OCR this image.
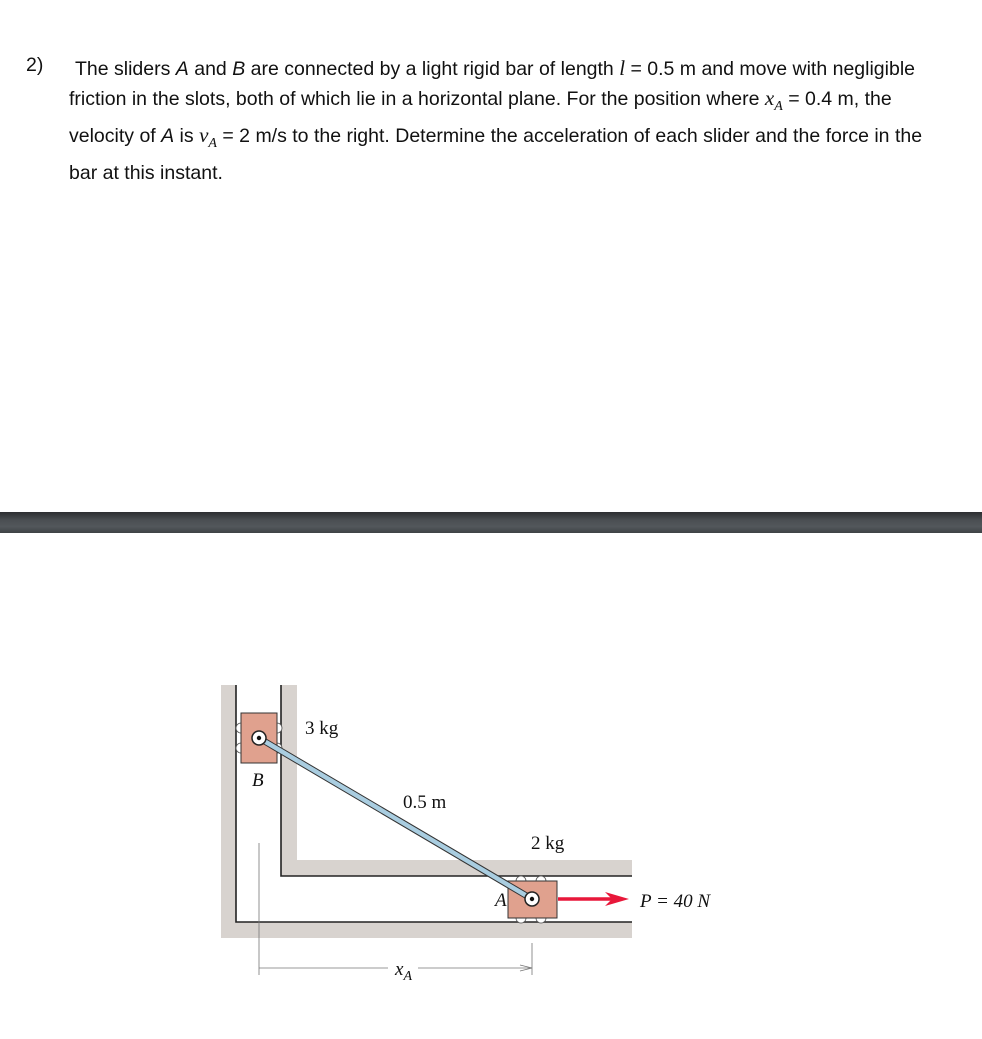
2)	The sliders A and B are connected by a light rigid bar of length l = 0.5 m and move with negligible friction in the slots, both of which lie in a horizontal plane. For the position where $x_A = 0.4$ m, the velocity of A is $v_A = 2$ m/s to the right. Determine the acceleration of each slider and the force in the bar at this instant.
3 kg
B
0.5 m
2 kg
A	P = 40 N
$x_A$
